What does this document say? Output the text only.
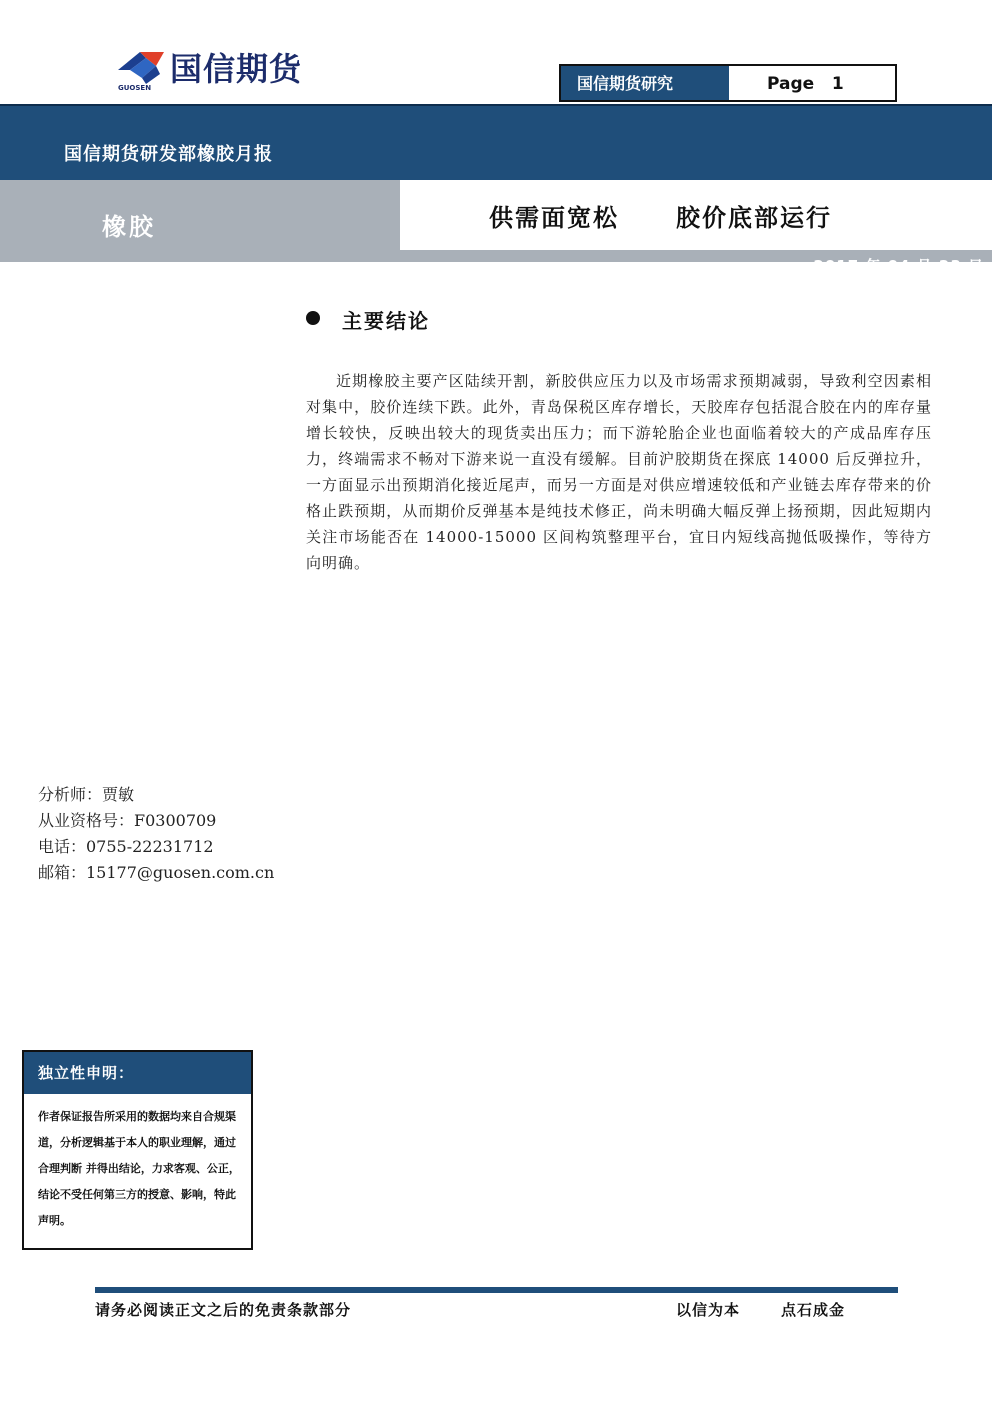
GUOSEN 国信期货	国信期货研究	Page   1
国信期货研发部橡胶月报
橡胶	供需面宽松 胶价底部运行
2017 年 04 月 23 日
主要结论
近期橡胶主要产区陆续开割，新胶供应压力以及市场需求预期减弱，导致利空因素相对集中，胶价连续下跌。此外，青岛保税区库存增长，天胶库存包括混合胶在内的库存量增长较快，反映出较大的现货卖出压力；而下游轮胎企业也面临着较大的产成品库存压力，终端需求不畅对下游来说一直没有缓解。目前沪胶期货在探底 14000 后反弹拉升，一方面显示出预期消化接近尾声，而另一方面是对供应增速较低和产业链去库存带来的价格止跌预期，从而期价反弹基本是纯技术修正，尚未明确大幅反弹上扬预期，因此短期内关注市场能否在 14000-15000 区间构筑整理平台，宜日内短线高抛低吸操作，等待方向明确。
分析师：贾敏
从业资格号：F0300709
电话：0755-22231712
邮箱：15177@guosen.com.cn
独立性申明：
作者保证报告所采用的数据均来自合规渠道，分析逻辑基于本人的职业理解，通过合理判断 并得出结论，力求客观、公正，结论不受任何第三方的授意、影响，特此声明。
请务必阅读正文之后的免责条款部分	以信为本	点石成金
